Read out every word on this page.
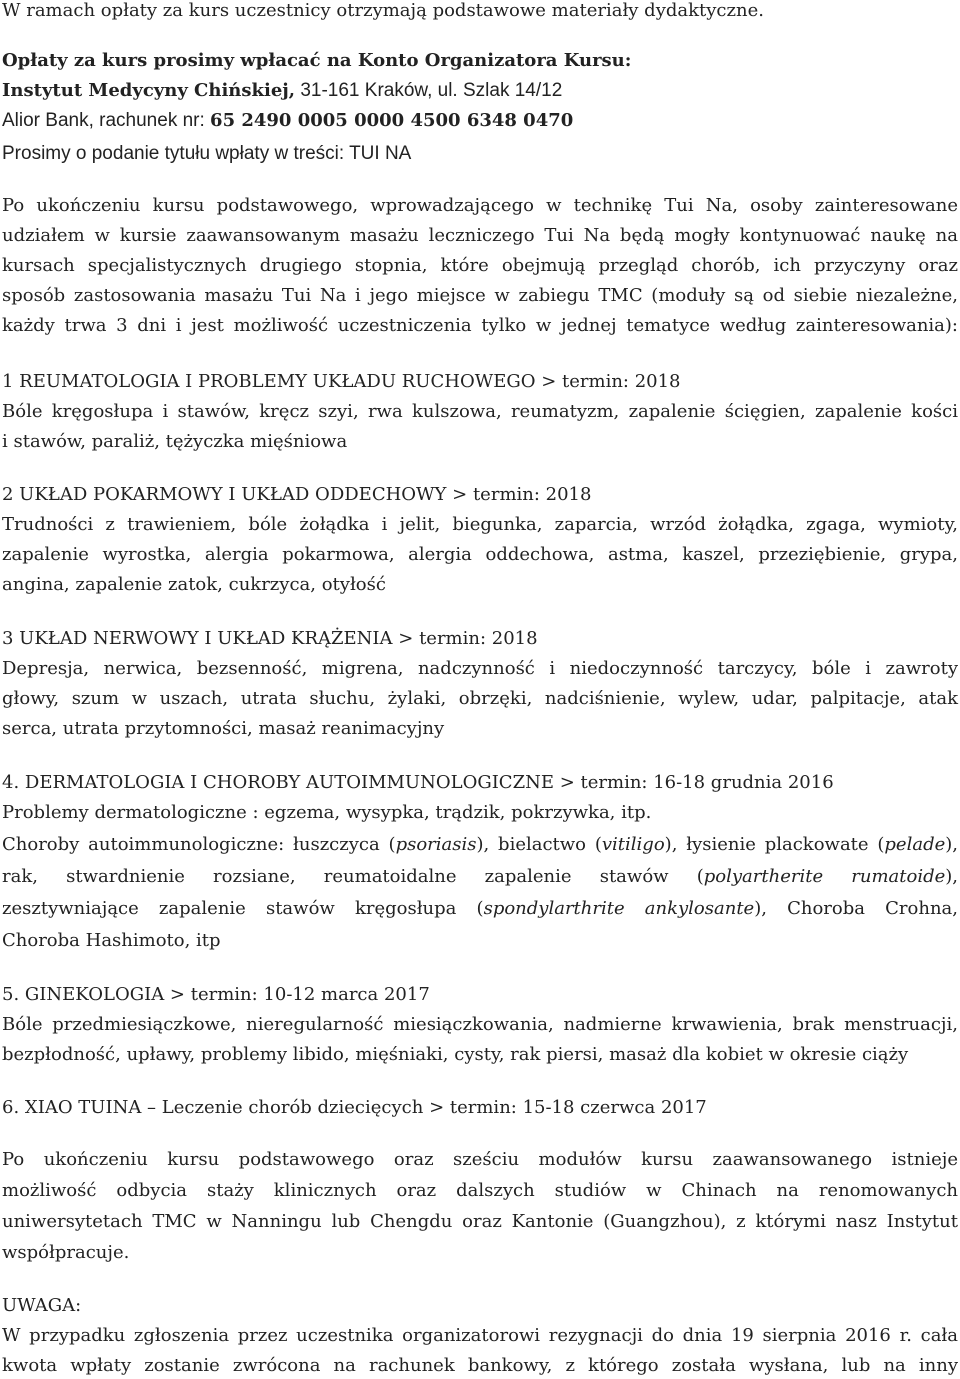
W ramach opłaty za kurs uczestnicy otrzymają podstawowe materiały dydaktyczne.
Opłaty za kurs prosimy wpłacać na Konto Organizatora Kursu:
Instytut Medycyny Chińskiej, 31-161 Kraków, ul. Szlak 14/12
Alior Bank, rachunek nr: 65 2490 0005 0000 4500 6348 0470
Prosimy o podanie tytułu wpłaty w treści: TUI NA
Po ukończeniu kursu podstawowego, wprowadzającego w technikę Tui Na, osoby zainteresowane
udziałem w kursie zaawansowanym masażu leczniczego Tui Na będą mogły kontynuować naukę na
kursach specjalistycznych drugiego stopnia, które obejmują przegląd chorób, ich przyczyny oraz
sposób zastosowania masażu Tui Na i jego miejsce w zabiegu TMC (moduły są od siebie niezależne,
każdy trwa 3 dni i jest możliwość uczestniczenia tylko w jednej tematyce według zainteresowania):
1 REUMATOLOGIA I PROBLEMY UKŁADU RUCHOWEGO > termin: 2018
Bóle kręgosłupa i stawów, kręcz szyi, rwa kulszowa, reumatyzm, zapalenie ścięgien, zapalenie kości
i stawów, paraliż, tężyczka mięśniowa
2 UKŁAD POKARMOWY I UKŁAD ODDECHOWY > termin: 2018
Trudności z trawieniem, bóle żołądka i jelit, biegunka, zaparcia, wrzód żołądka, zgaga, wymioty,
zapalenie wyrostka, alergia pokarmowa, alergia oddechowa, astma, kaszel, przeziębienie, grypa,
angina, zapalenie zatok, cukrzyca, otyłość
3 UKŁAD NERWOWY I UKŁAD KRĄŻENIA > termin: 2018
Depresja, nerwica, bezsenność, migrena, nadczynność i niedoczynność tarczycy, bóle i zawroty
głowy, szum w uszach, utrata słuchu, żylaki, obrzęki, nadciśnienie, wylew, udar, palpitacje, atak
serca, utrata przytomności, masaż reanimacyjny
4. DERMATOLOGIA I CHOROBY AUTOIMMUNOLOGICZNE > termin: 16-18 grudnia 2016
Problemy dermatologiczne : egzema, wysypka, trądzik, pokrzywka, itp.
Choroby autoimmunologiczne: łuszczyca (psoriasis), bielactwo (vitiligo), łysienie plackowate (pelade),
rak, stwardnienie rozsiane, reumatoidalne zapalenie stawów (polyartherite rumatoide),
zesztywniające zapalenie stawów kręgosłupa (spondylarthrite ankylosante), Choroba Crohna,
Choroba Hashimoto, itp
5. GINEKOLOGIA > termin: 10-12 marca 2017
Bóle przedmiesiączkowe, nieregularność miesiączkowania, nadmierne krwawienia, brak menstruacji,
bezpłodność, upławy, problemy libido, mięśniaki, cysty, rak piersi, masaż dla kobiet w okresie ciąży
6. XIAO TUINA – Leczenie chorób dziecięcych > termin: 15-18 czerwca 2017
Po ukończeniu kursu podstawowego oraz sześciu modułów kursu zaawansowanego istnieje
możliwość odbycia staży klinicznych oraz dalszych studiów w Chinach na renomowanych
uniwersytetach TMC w Nanningu lub Chengdu oraz Kantonie (Guangzhou), z którymi nasz Instytut
współpracuje.
UWAGA:
W przypadku zgłoszenia przez uczestnika organizatorowi rezygnacji do dnia 19 sierpnia 2016 r. cała
kwota wpłaty zostanie zwrócona na rachunek bankowy, z którego została wysłana, lub na inny
